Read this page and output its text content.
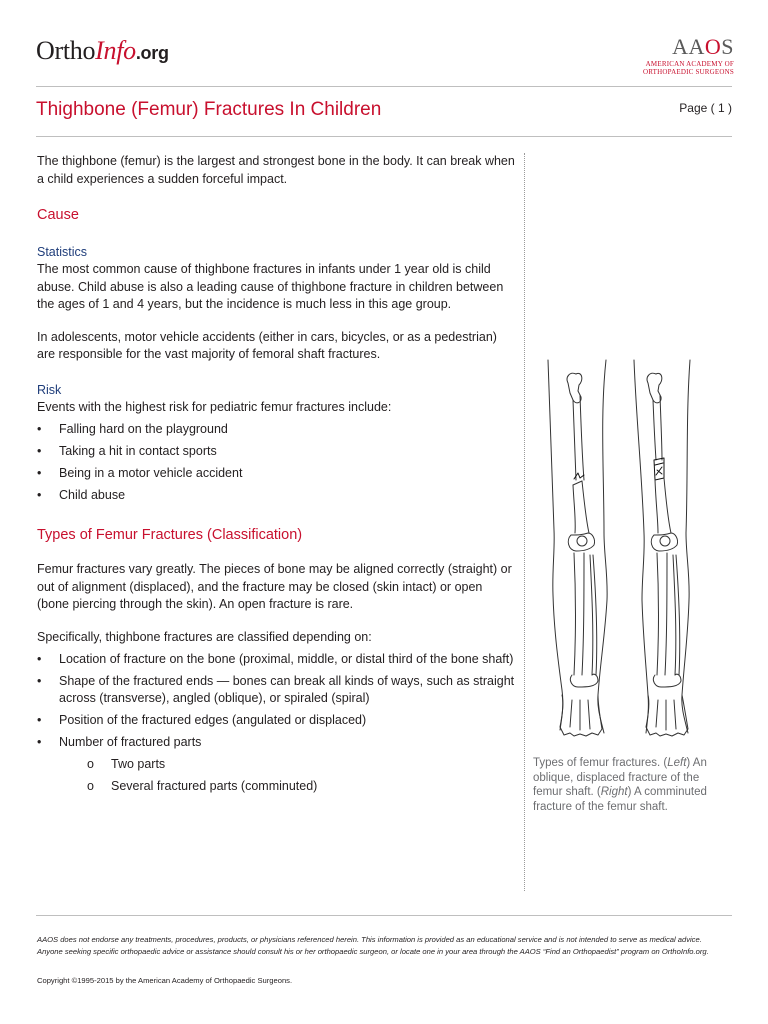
OrthoInfo.org	AAOS
AMERICAN ACADEMY OF
ORTHOPAEDIC SURGEONS
Thighbone (Femur) Fractures In Children	Page ( 1 )

The thighbone (femur) is the largest and strongest bone in the body. It can break when a child experiences a sudden forceful impact.

Cause
Statistics

The most common cause of thighbone fractures in infants under 1 year old is child abuse. Child abuse is also a leading cause of thighbone fracture in children between the ages of 1 and 4 years, but the incidence is much less in this age group.

In adolescents, motor vehicle accidents (either in cars, bicycles, or as a pedestrian) are responsible for the vast majority of femoral shaft fractures.

Risk

Events with the highest risk for pediatric femur fractures include:

• Falling hard on the playground
• Taking a hit in contact sports
• Being in a motor vehicle accident
• Child abuse
Types of Femur Fractures (Classification)

Femur fractures vary greatly. The pieces of bone may be aligned correctly (straight) or out of alignment (displaced), and the fracture may be closed (skin intact) or open (bone piercing through the skin). An open fracture is rare.

Specifically, thighbone fractures are classified depending on:

• Location of fracture on the bone (proximal, middle, or distal third of the bone shaft)
• Shape of the fractured ends — bones can break all kinds of ways, such as straight across (transverse), angled (oblique), or spiraled (spiral)
• Position of the fractured edges (angulated or displaced)
• Number of fractured parts
o Two parts
o Several fractured parts (comminuted)
Types of femur fractures. (Left) An oblique, displaced fracture of the femur shaft. (Right) A comminuted fracture of the femur shaft.
AAOS does not endorse any treatments, procedures, products, or physicians referenced herein. This information is provided as an educational service and is not intended to serve as medical advice. Anyone seeking specific orthopaedic advice or assistance should consult his or her orthopaedic surgeon, or locate one in your area through the AAOS “Find an Orthopaedist” program on OrthoInfo.org.
Copyright ©1995-2015 by the American Academy of Orthopaedic Surgeons.
